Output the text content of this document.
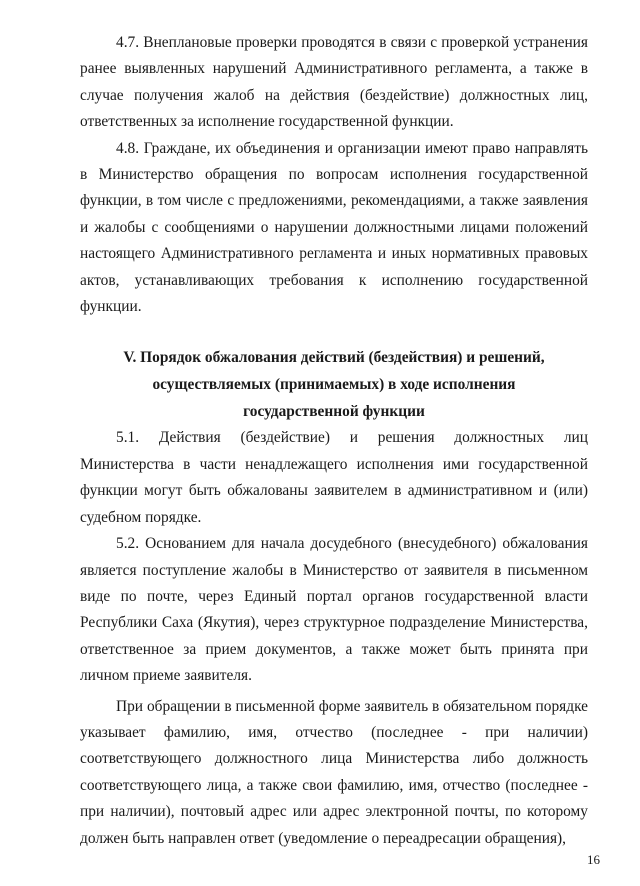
4.7. Внеплановые проверки проводятся в связи с проверкой устранения ранее выявленных нарушений Административного регламента, а также в случае получения жалоб на действия (бездействие) должностных лиц, ответственных за исполнение государственной функции.

4.8. Граждане, их объединения и организации имеют право направлять в Министерство обращения по вопросам исполнения государственной функции, в том числе с предложениями, рекомендациями, а также заявления и жалобы с сообщениями о нарушении должностными лицами положений настоящего Административного регламента и иных нормативных правовых актов, устанавливающих требования к исполнению государственной функции.

V. Порядок обжалования действий (бездействия) и решений,
осуществляемых (принимаемых) в ходе исполнения
государственной функции

5.1. Действия (бездействие) и решения должностных лиц Министерства в части ненадлежащего исполнения ими государственной функции могут быть обжалованы заявителем в административном и (или) судебном порядке.

5.2. Основанием для начала досудебного (внесудебного) обжалования является поступление жалобы в Министерство от заявителя в письменном виде по почте, через Единый портал органов государственной власти Республики Саха (Якутия), через структурное подразделение Министерства, ответственное за прием документов, а также может быть принята при личном приеме заявителя.

При обращении в письменной форме заявитель в обязательном порядке указывает фамилию, имя, отчество (последнее - при наличии) соответствующего должностного лица Министерства либо должность соответствующего лица, а также свои фамилию, имя, отчество (последнее - при наличии), почтовый адрес или адрес электронной почты, по которому должен быть направлен ответ (уведомление о переадресации обращения),

16
